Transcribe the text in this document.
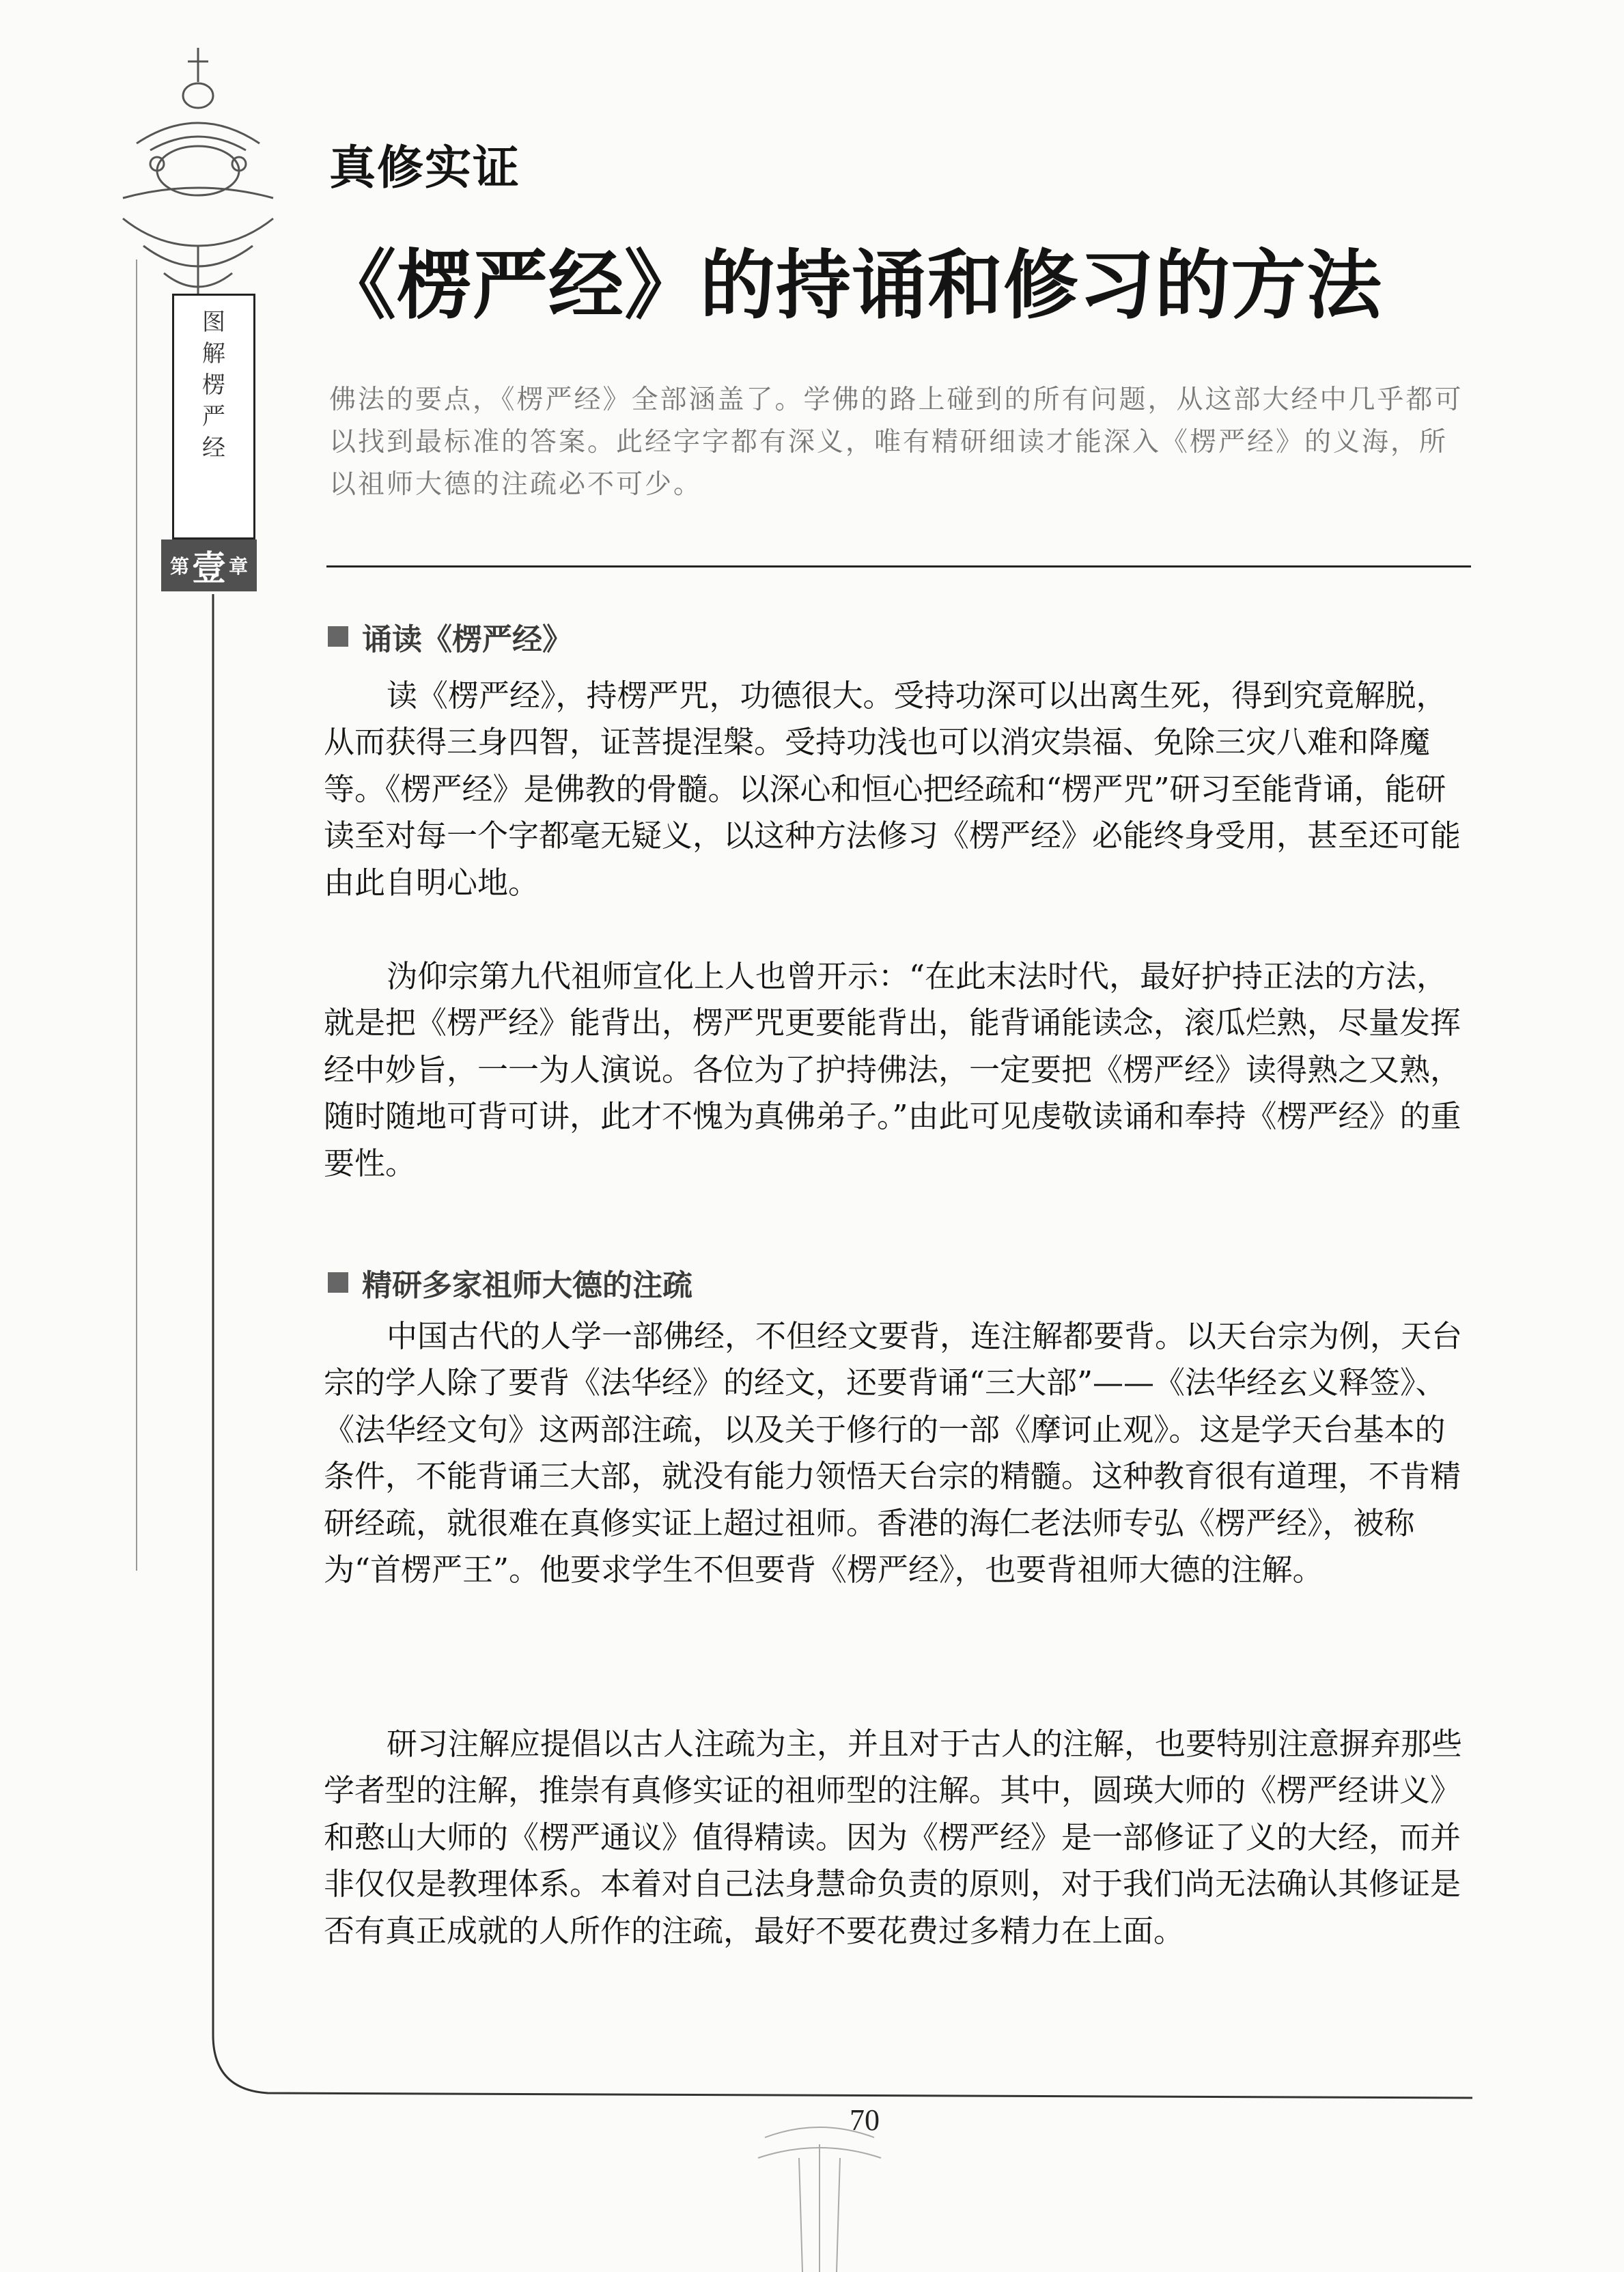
图
解
楞
严
经
第 壹 章
真修实证
《楞严经》的持诵和修习的方法
佛法的要点，《楞严经》全部涵盖了。学佛的路上碰到的所有问题，从这部大经中几乎都可以找到最标准的答案。此经字字都有深义，唯有精研细读才能深入《楞严经》的义海，所以祖师大德的注疏必不可少。
诵读《楞严经》

读《楞严经》，持楞严咒，功德很大。受持功深可以出离生死，得到究竟解脱，从而获得三身四智，证菩提涅槃。受持功浅也可以消灾祟福、免除三灾八难和降魔等。《楞严经》是佛教的骨髓。以深心和恒心把经疏和“楞严咒”研习至能背诵，能研读至对每一个字都毫无疑义，以这种方法修习《楞严经》必能终身受用，甚至还可能由此自明心地。

沩仰宗第九代祖师宣化上人也曾开示：“在此末法时代，最好护持正法的方法，就是把《楞严经》能背出，楞严咒更要能背出，能背诵能读念，滚瓜烂熟，尽量发挥经中妙旨，一一为人演说。各位为了护持佛法，一定要把《楞严经》读得熟之又熟，随时随地可背可讲，此才不愧为真佛弟子。”由此可见虔敬读诵和奉持《楞严经》的重要性。

精研多家祖师大德的注疏

中国古代的人学一部佛经，不但经文要背，连注解都要背。以天台宗为例，天台宗的学人除了要背《法华经》的经文，还要背诵“三大部”——《法华经玄义释签》、《法华经文句》这两部注疏，以及关于修行的一部《摩诃止观》。这是学天台基本的条件，不能背诵三大部，就没有能力领悟天台宗的精髓。这种教育很有道理，不肯精研经疏，就很难在真修实证上超过祖师。香港的海仁老法师专弘《楞严经》，被称为“首楞严王”。他要求学生不但要背《楞严经》，也要背祖师大德的注解。

研习注解应提倡以古人注疏为主，并且对于古人的注解，也要特别注意摒弃那些学者型的注解，推崇有真修实证的祖师型的注解。其中，圆瑛大师的《楞严经讲义》和憨山大师的《楞严通议》值得精读。因为《楞严经》是一部修证了义的大经，而并非仅仅是教理体系。本着对自己法身慧命负责的原则，对于我们尚无法确认其修证是否有真正成就的人所作的注疏，最好不要花费过多精力在上面。

70
